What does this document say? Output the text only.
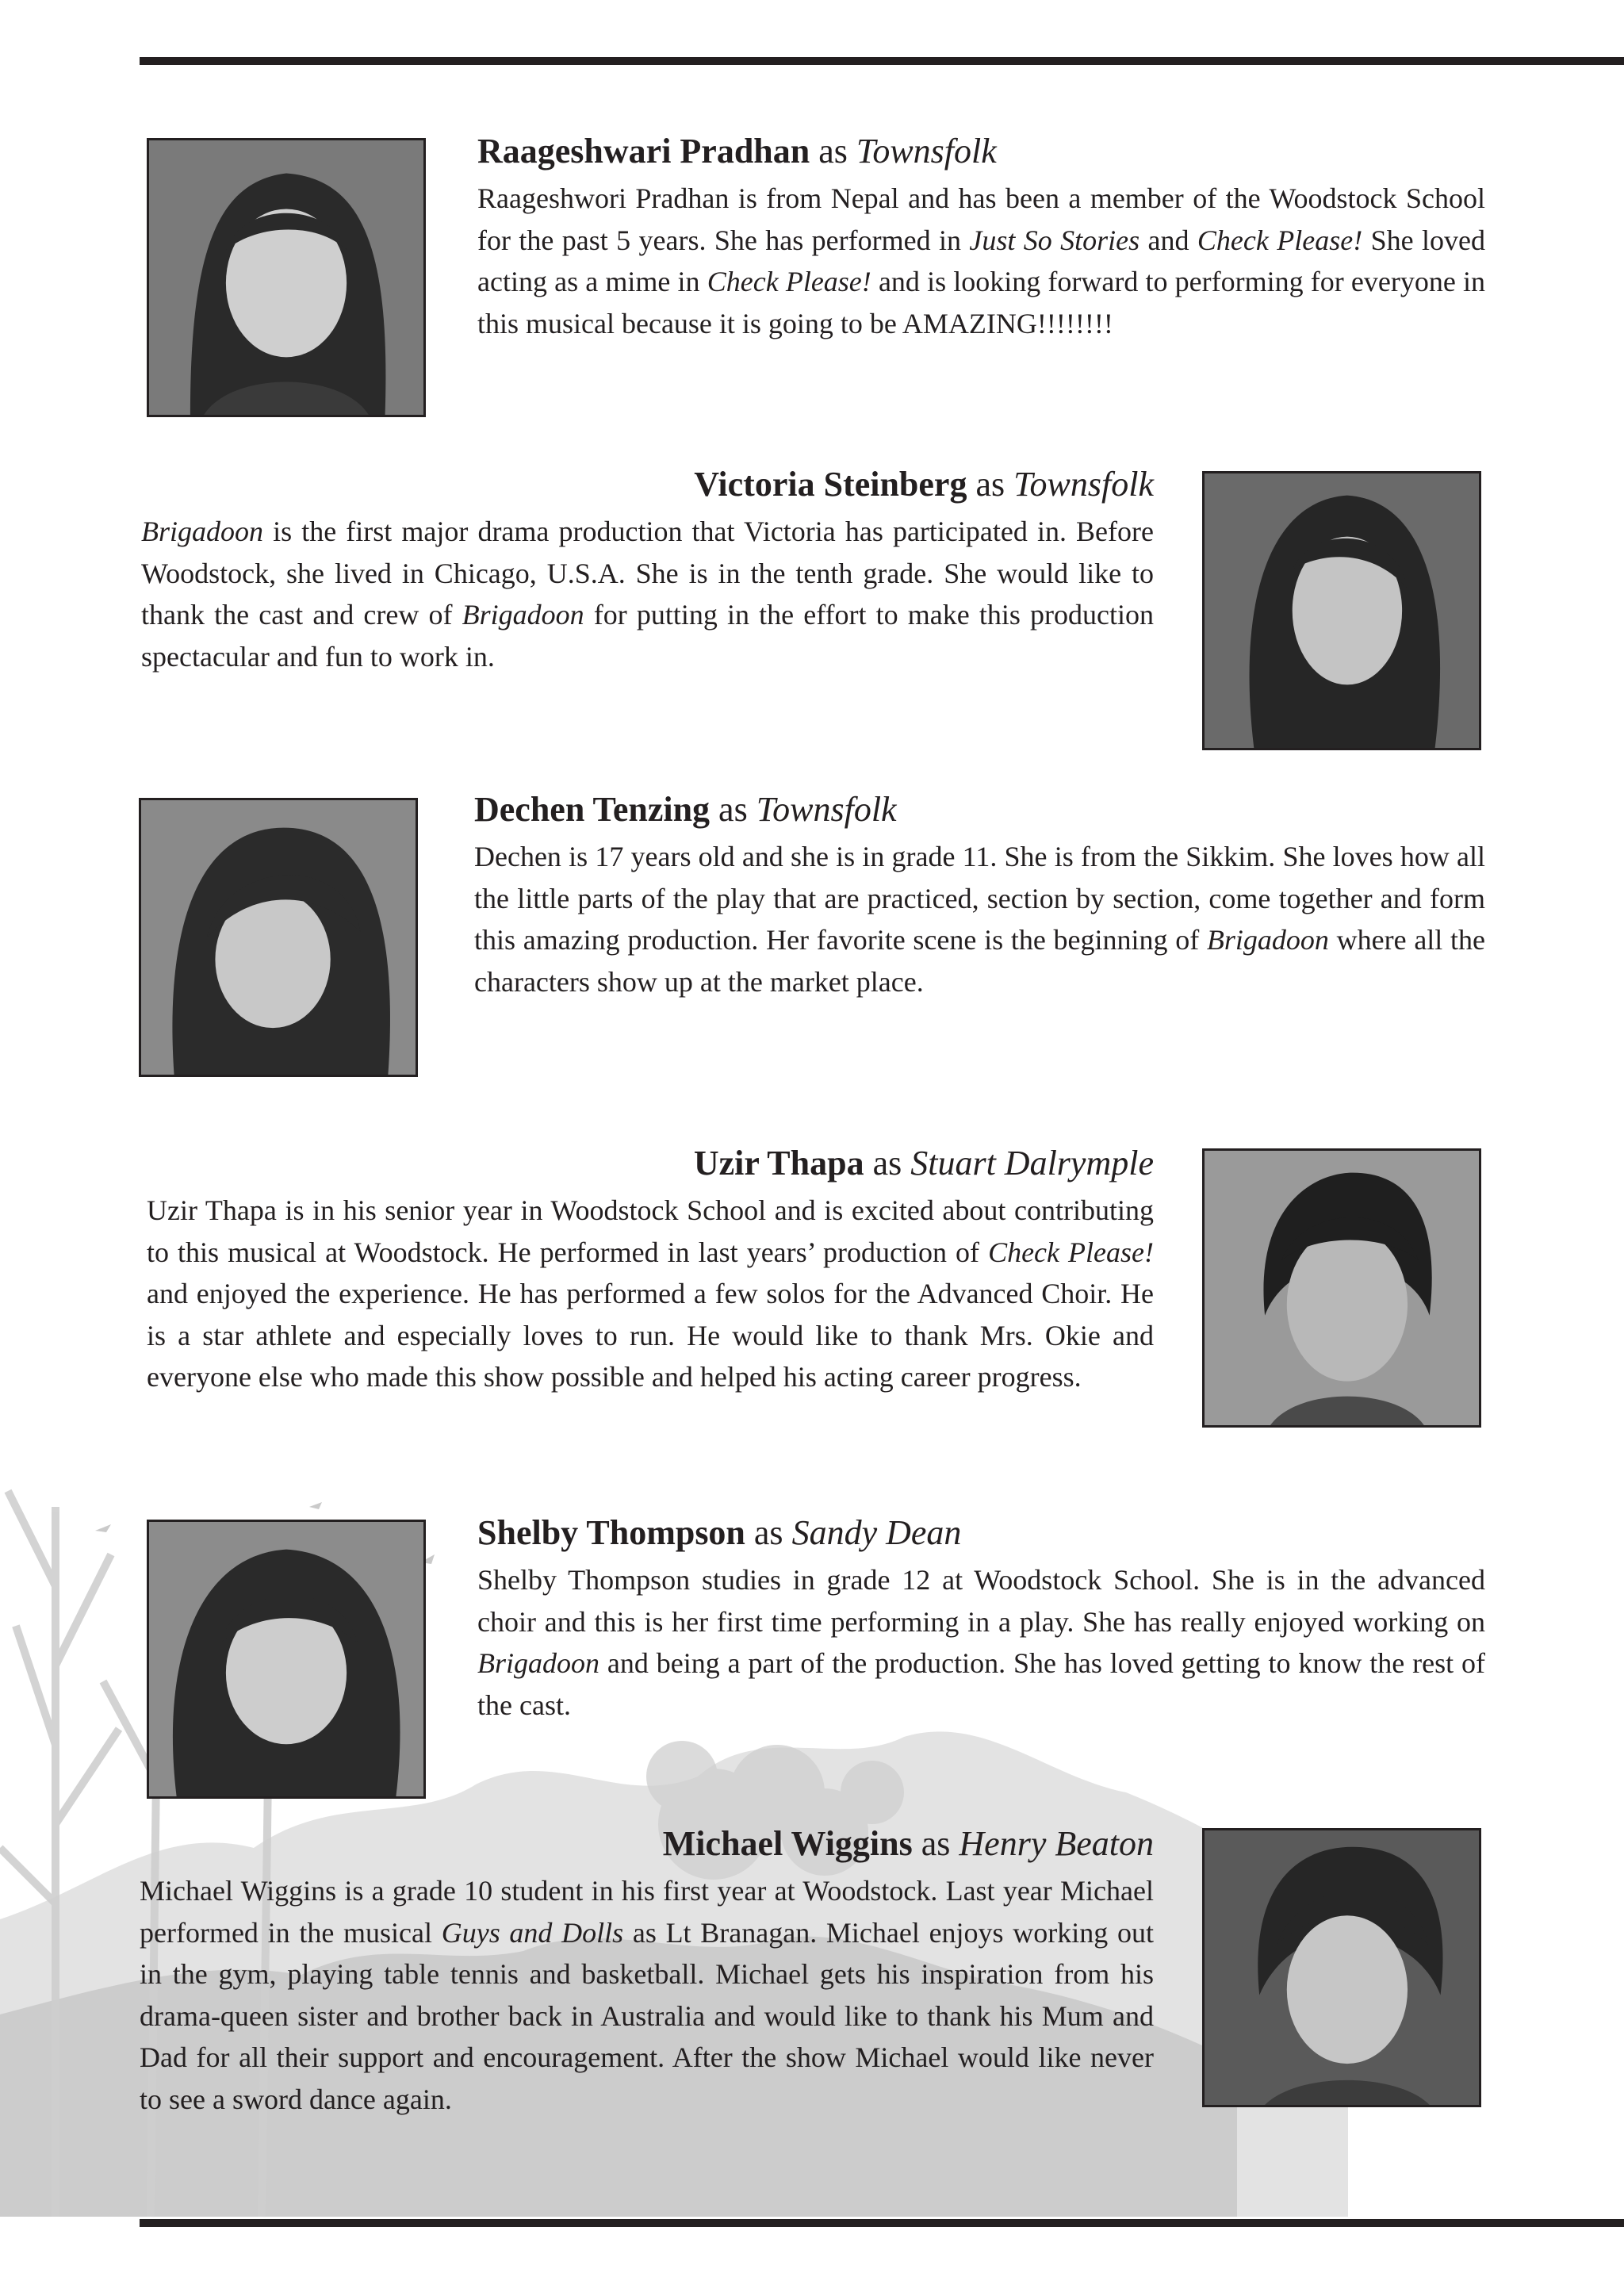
Raageshwari Pradhan as Townsfolk

Raageshwori Pradhan is from Nepal and has been a member of the Woodstock School for the past 5 years. She has performed in Just So Stories and Check Please! She loved acting as a mime in Check Please! and is looking forward to performing for everyone in this musical because it is going to be AMAZING!!!!!!!!

Victoria Steinberg as Townsfolk

Brigadoon is the first major drama production that Victoria has participated in. Before Woodstock, she lived in Chicago, U.S.A. She is in the tenth grade. She would like to thank the cast and crew of Brigadoon for putting in the effort to make this production spectacular and fun to work in.

Dechen Tenzing as Townsfolk

Dechen is 17 years old and she is in grade 11. She is from the Sikkim. She loves how all the little parts of the play that are practiced, section by section, come together and form this amazing production. Her favorite scene is the beginning of Brigadoon where all the characters show up at the market place.

Uzir Thapa as Stuart Dalrymple

Uzir Thapa is in his senior year in Woodstock School and is excited about contributing to this musical at Woodstock. He performed in last years’ production of Check Please! and enjoyed the experience. He has performed a few solos for the Advanced Choir. He is a star athlete and especially loves to run. He would like to thank Mrs. Okie and everyone else who made this show possible and helped his acting career progress.

Shelby Thompson as Sandy Dean

Shelby Thompson studies in grade 12 at Woodstock School. She is in the advanced choir and this is her first time performing in a play. She has really enjoyed working on Brigadoon and being a part of the production. She has loved getting to know the rest of the cast.

Michael Wiggins as Henry Beaton

Michael Wiggins is a grade 10 student in his first year at Woodstock. Last year Michael performed in the musical Guys and Dolls as Lt Branagan. Michael enjoys working out in the gym, playing table tennis and basketball. Michael gets his inspiration from his drama-queen sister and brother back in Australia and would like to thank his Mum and Dad for all their support and encouragement. After the show Michael would like never to see a sword dance again.
